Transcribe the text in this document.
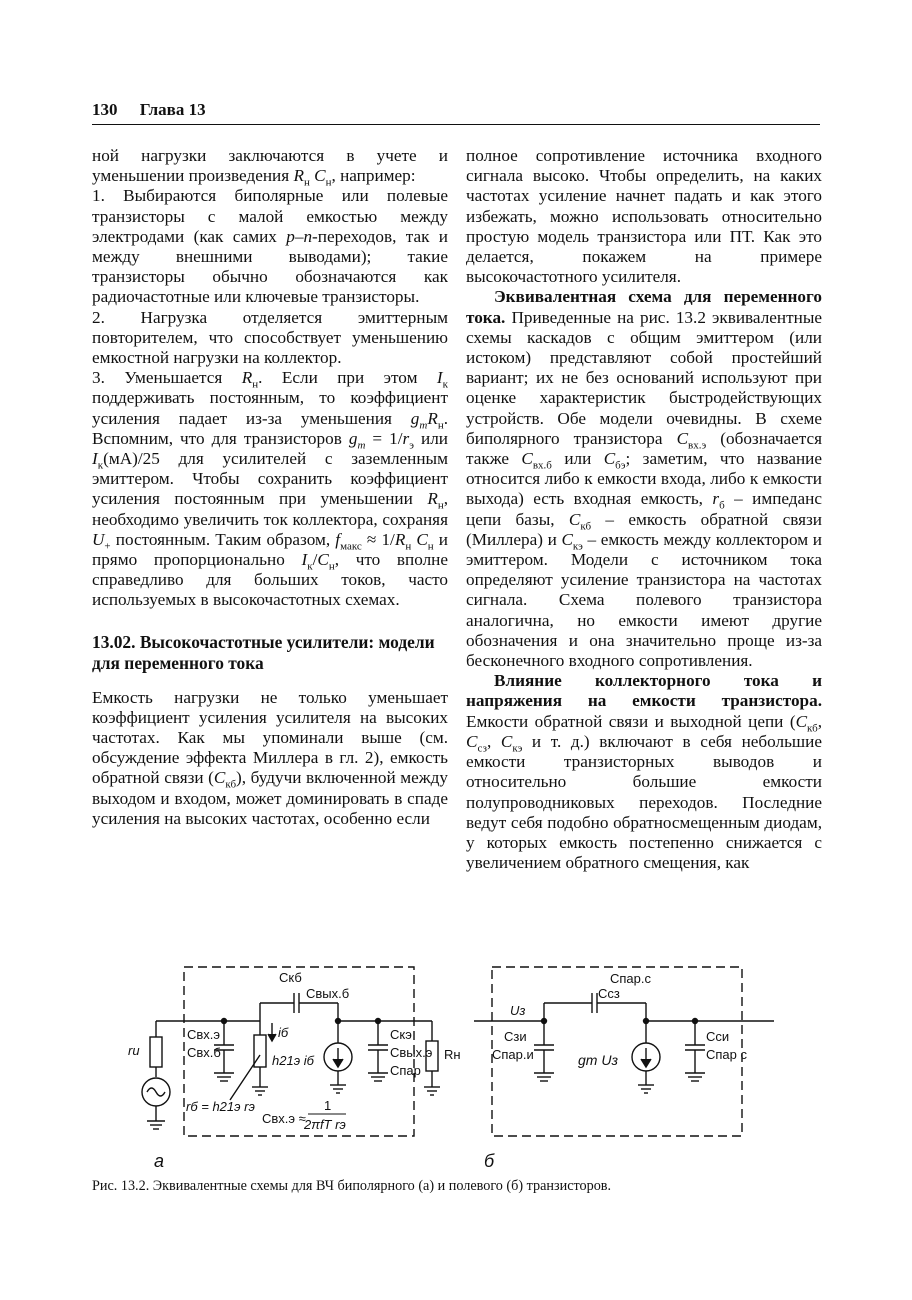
130 Глава 13

ной нагрузки заключаются в учете и уменьшении произведения $R_н$ $C_н$, например:

1. Выбираются биполярные или полевые транзисторы с малой емкостью между электродами (как самих p–n-переходов, так и между внешними выводами); такие транзисторы обычно обозначаются как радиочастотные или ключевые транзисторы.

2. Нагрузка отделяется эмиттерным повторителем, что способствует уменьшению емкостной нагрузки на коллектор.

3. Уменьшается $R_н$. Если при этом $I_к$ поддерживать постоянным, то коэффициент усиления падает из-за уменьшения $g_mR_н$. Вспомним, что для транзисторов $g_m = 1/r_э$ или $I_к(мА)/25$ для усилителей с заземленным эмиттером. Чтобы сохранить коэффициент усиления постоянным при уменьшении $R_н$, необходимо увеличить ток коллектора, сохраняя $U_+$ постоянным. Таким образом, $f_{макс} \approx 1/R_н$ $C_н$ и прямо пропорционально $I_к/C_н$, что вполне справедливо для больших токов, часто используемых в высокочастотных схемах.

13.02. Высокочастотные усилители: модели для переменного тока

Емкость нагрузки не только уменьшает коэффициент усиления усилителя на высоких частотах. Как мы упоминали выше (см. обсуждение эффекта Миллера в гл. 2), емкость обратной связи $(C_{кб})$, будучи включенной между выходом и входом, может доминировать в спаде усиления на высоких частотах, особенно если

полное сопротивление источника входного сигнала высоко. Чтобы определить, на каких частотах усиление начнет падать и как этого избежать, можно использовать относительно простую модель транзистора или ПТ. Как это делается, покажем на примере высокочастотного усилителя.

Эквивалентная схема для переменного тока. Приведенные на рис. 13.2 эквивалентные схемы каскадов с общим эмиттером (или истоком) представляют собой простейший вариант; их не без оснований используют при оценке характеристик быстродействующих устройств. Обе модели очевидны. В схеме биполярного транзистора $C_{вх.э}$ (обозначается также $C_{вх.б}$ или $C_{бэ}$; заметим, что название относится либо к емкости входа, либо к емкости выхода) есть входная емкость, $r_б$ – импеданс цепи базы, $C_{кб}$ – емкость обратной связи (Миллера) и $C_{кэ}$ – емкость между коллектором и эмиттером. Модели с источником тока определяют усиление транзистора на частотах сигнала. Схема полевого транзистора аналогична, но емкости имеют другие обозначения и она значительно проще из-за бесконечного входного сопротивления.

Влияние коллекторного тока и напряжения на емкости транзистора. Емкости обратной связи и выходной цепи ($C_{кб}$, $C_{сз}$, $C_{кэ}$ и т. д.) включают в себя небольшие емкости транзисторных выводов и относительно большие емкости полупроводниковых переходов. Последние ведут себя подобно обратносмещенным диодам, у которых емкость постепенно снижается с увеличением обратного смещения, как

Cкб
Cвых.б
Cвх.э
Cвх.б
iб
h21э iб
Cкэ
Cвых.э
Cпар
Rн
rи
rб = h21э rэ
Cвх.э ≈
1
2πfT rэ
а
Cпар.с
Cсз
Uз
Cзи
Cпар.и	gm Uз
Cси
Cпар с
б
Рис. 13.2. Эквивалентные схемы для ВЧ биполярного (а) и полевого (б) транзисторов.
